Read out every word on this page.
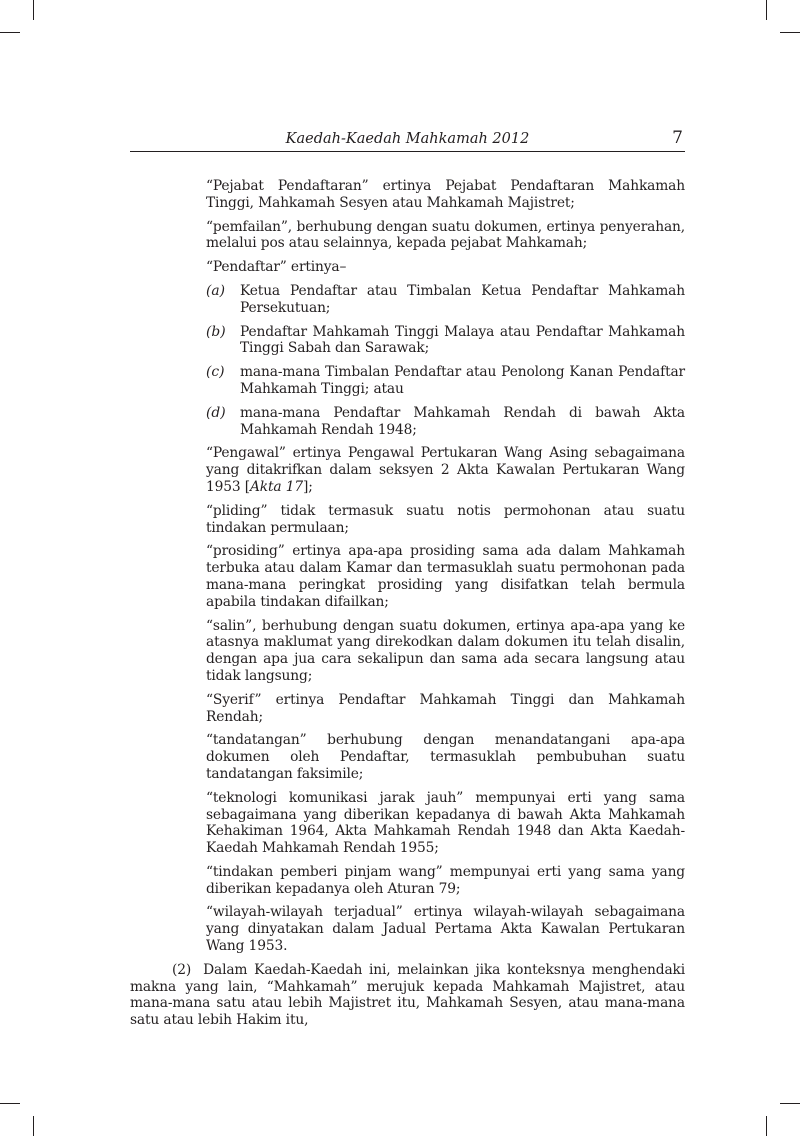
Kaedah-Kaedah Mahkamah 2012	7

“Pejabat Pendaftaran” ertinya Pejabat Pendaftaran Mahkamah Tinggi, Mahkamah Sesyen atau Mahkamah Majistret;

“pemfailan”, berhubung dengan suatu dokumen, ertinya penyerahan, melalui pos atau selainnya, kepada pejabat Mahkamah;

“Pendaftar” ertinya–

(a)	Ketua Pendaftar atau Timbalan Ketua Pendaftar Mahkamah Persekutuan;
(b)	Pendaftar Mahkamah Tinggi Malaya atau Pendaftar Mahkamah Tinggi Sabah dan Sarawak;
(c)	mana-mana Timbalan Pendaftar atau Penolong Kanan Pendaftar Mahkamah Tinggi; atau
(d)	mana-mana Pendaftar Mahkamah Rendah di bawah Akta Mahkamah Rendah 1948;

“Pengawal” ertinya Pengawal Pertukaran Wang Asing sebagaimana yang ditakrifkan dalam seksyen 2 Akta Kawalan Pertukaran Wang 1953 [Akta 17];

“pliding” tidak termasuk suatu notis permohonan atau suatu tindakan permulaan;

“prosiding” ertinya apa-apa prosiding sama ada dalam Mahkamah terbuka atau dalam Kamar dan termasuklah suatu permohonan pada mana-mana peringkat prosiding yang disifatkan telah bermula apabila tindakan difailkan;

“salin”, berhubung dengan suatu dokumen, ertinya apa-apa yang ke atasnya maklumat yang direkodkan dalam dokumen itu telah disalin, dengan apa jua cara sekalipun dan sama ada secara langsung atau tidak langsung;

“Syerif” ertinya Pendaftar Mahkamah Tinggi dan Mahkamah Rendah;

“tandatangan” berhubung dengan menandatangani apa-apa dokumen oleh Pendaftar, termasuklah pembubuhan suatu tandatangan faksimile;

“teknologi komunikasi jarak jauh” mempunyai erti yang sama sebagaimana yang diberikan kepadanya di bawah Akta Mahkamah Kehakiman 1964, Akta Mahkamah Rendah 1948 dan Akta Kaedah-Kaedah Mahkamah Rendah 1955;

“tindakan pemberi pinjam wang” mempunyai erti yang sama yang diberikan kepadanya oleh Aturan 79;

“wilayah-wilayah terjadual” ertinya wilayah-wilayah sebagaimana yang dinyatakan dalam Jadual Pertama Akta Kawalan Pertukaran Wang 1953.

(2) Dalam Kaedah-Kaedah ini, melainkan jika konteksnya menghendaki makna yang lain, “Mahkamah” merujuk kepada Mahkamah Majistret, atau mana-mana satu atau lebih Majistret itu, Mahkamah Sesyen, atau mana-mana satu atau lebih Hakim itu,
